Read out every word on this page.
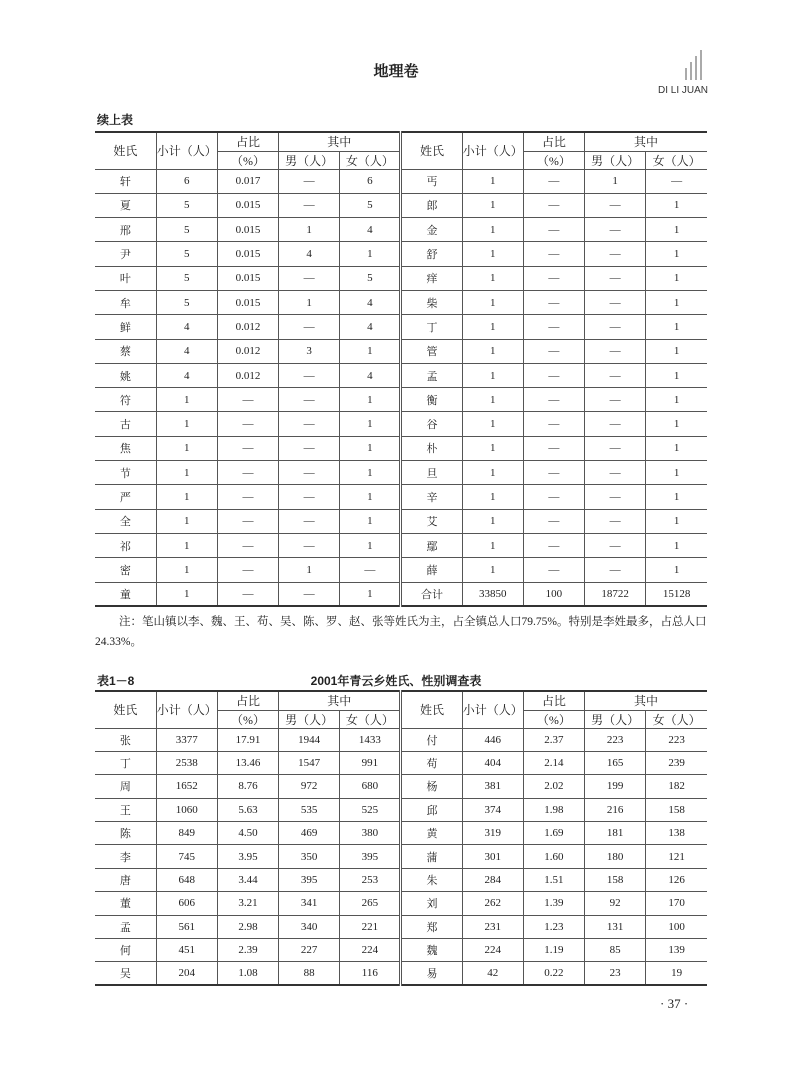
地理卷
DI LI JUAN
续上表
姓氏	小计（人）	占比	其中		姓氏	小计（人）	占比	其中	
		（%）	男（人）	女（人）			（%）	男（人）	女（人）
轩	6	0.017	—	6	丐	1	—	1	—
夏	5	0.015	—	5	郎	1	—	—	1
邢	5	0.015	1	4	金	1	—	—	1
尹	5	0.015	4	1	舒	1	—	—	1
叶	5	0.015	—	5	痒	1	—	—	1
牟	5	0.015	1	4	柴	1	—	—	1
鲜	4	0.012	—	4	丁	1	—	—	1
蔡	4	0.012	3	1	管	1	—	—	1
姚	4	0.012	—	4	孟	1	—	—	1
符	1	—	—	1	衡	1	—	—	1
古	1	—	—	1	谷	1	—	—	1
焦	1	—	—	1	朴	1	—	—	1
节	1	—	—	1	旦	1	—	—	1
严	1	—	—	1	辛	1	—	—	1
全	1	—	—	1	艾	1	—	—	1
祁	1	—	—	1	鄢	1	—	—	1
密	1	—	1	—	薛	1	—	—	1
童	1	—	—	1	合计	33850	100	18722	15128
注：笔山镇以李、魏、王、苟、吴、陈、罗、赵、张等姓氏为主，占全镇总人口79.75%。特别是李姓最多，占总人口24.33%。
表1－8	2001年青云乡姓氏、性别调查表
姓氏	小计（人）	占比	其中		姓氏	小计（人）	占比	其中	
		（%）	男（人）	女（人）			（%）	男（人）	女（人）
张	3377	17.91	1944	1433	付	446	2.37	223	223
丁	2538	13.46	1547	991	苟	404	2.14	165	239
周	1652	8.76	972	680	杨	381	2.02	199	182
王	1060	5.63	535	525	邱	374	1.98	216	158
陈	849	4.50	469	380	黄	319	1.69	181	138
李	745	3.95	350	395	蒲	301	1.60	180	121
唐	648	3.44	395	253	朱	284	1.51	158	126
董	606	3.21	341	265	刘	262	1.39	92	170
孟	561	2.98	340	221	郑	231	1.23	131	100
何	451	2.39	227	224	魏	224	1.19	85	139
吴	204	1.08	88	116	易	42	0.22	23	19
· 37 ·
